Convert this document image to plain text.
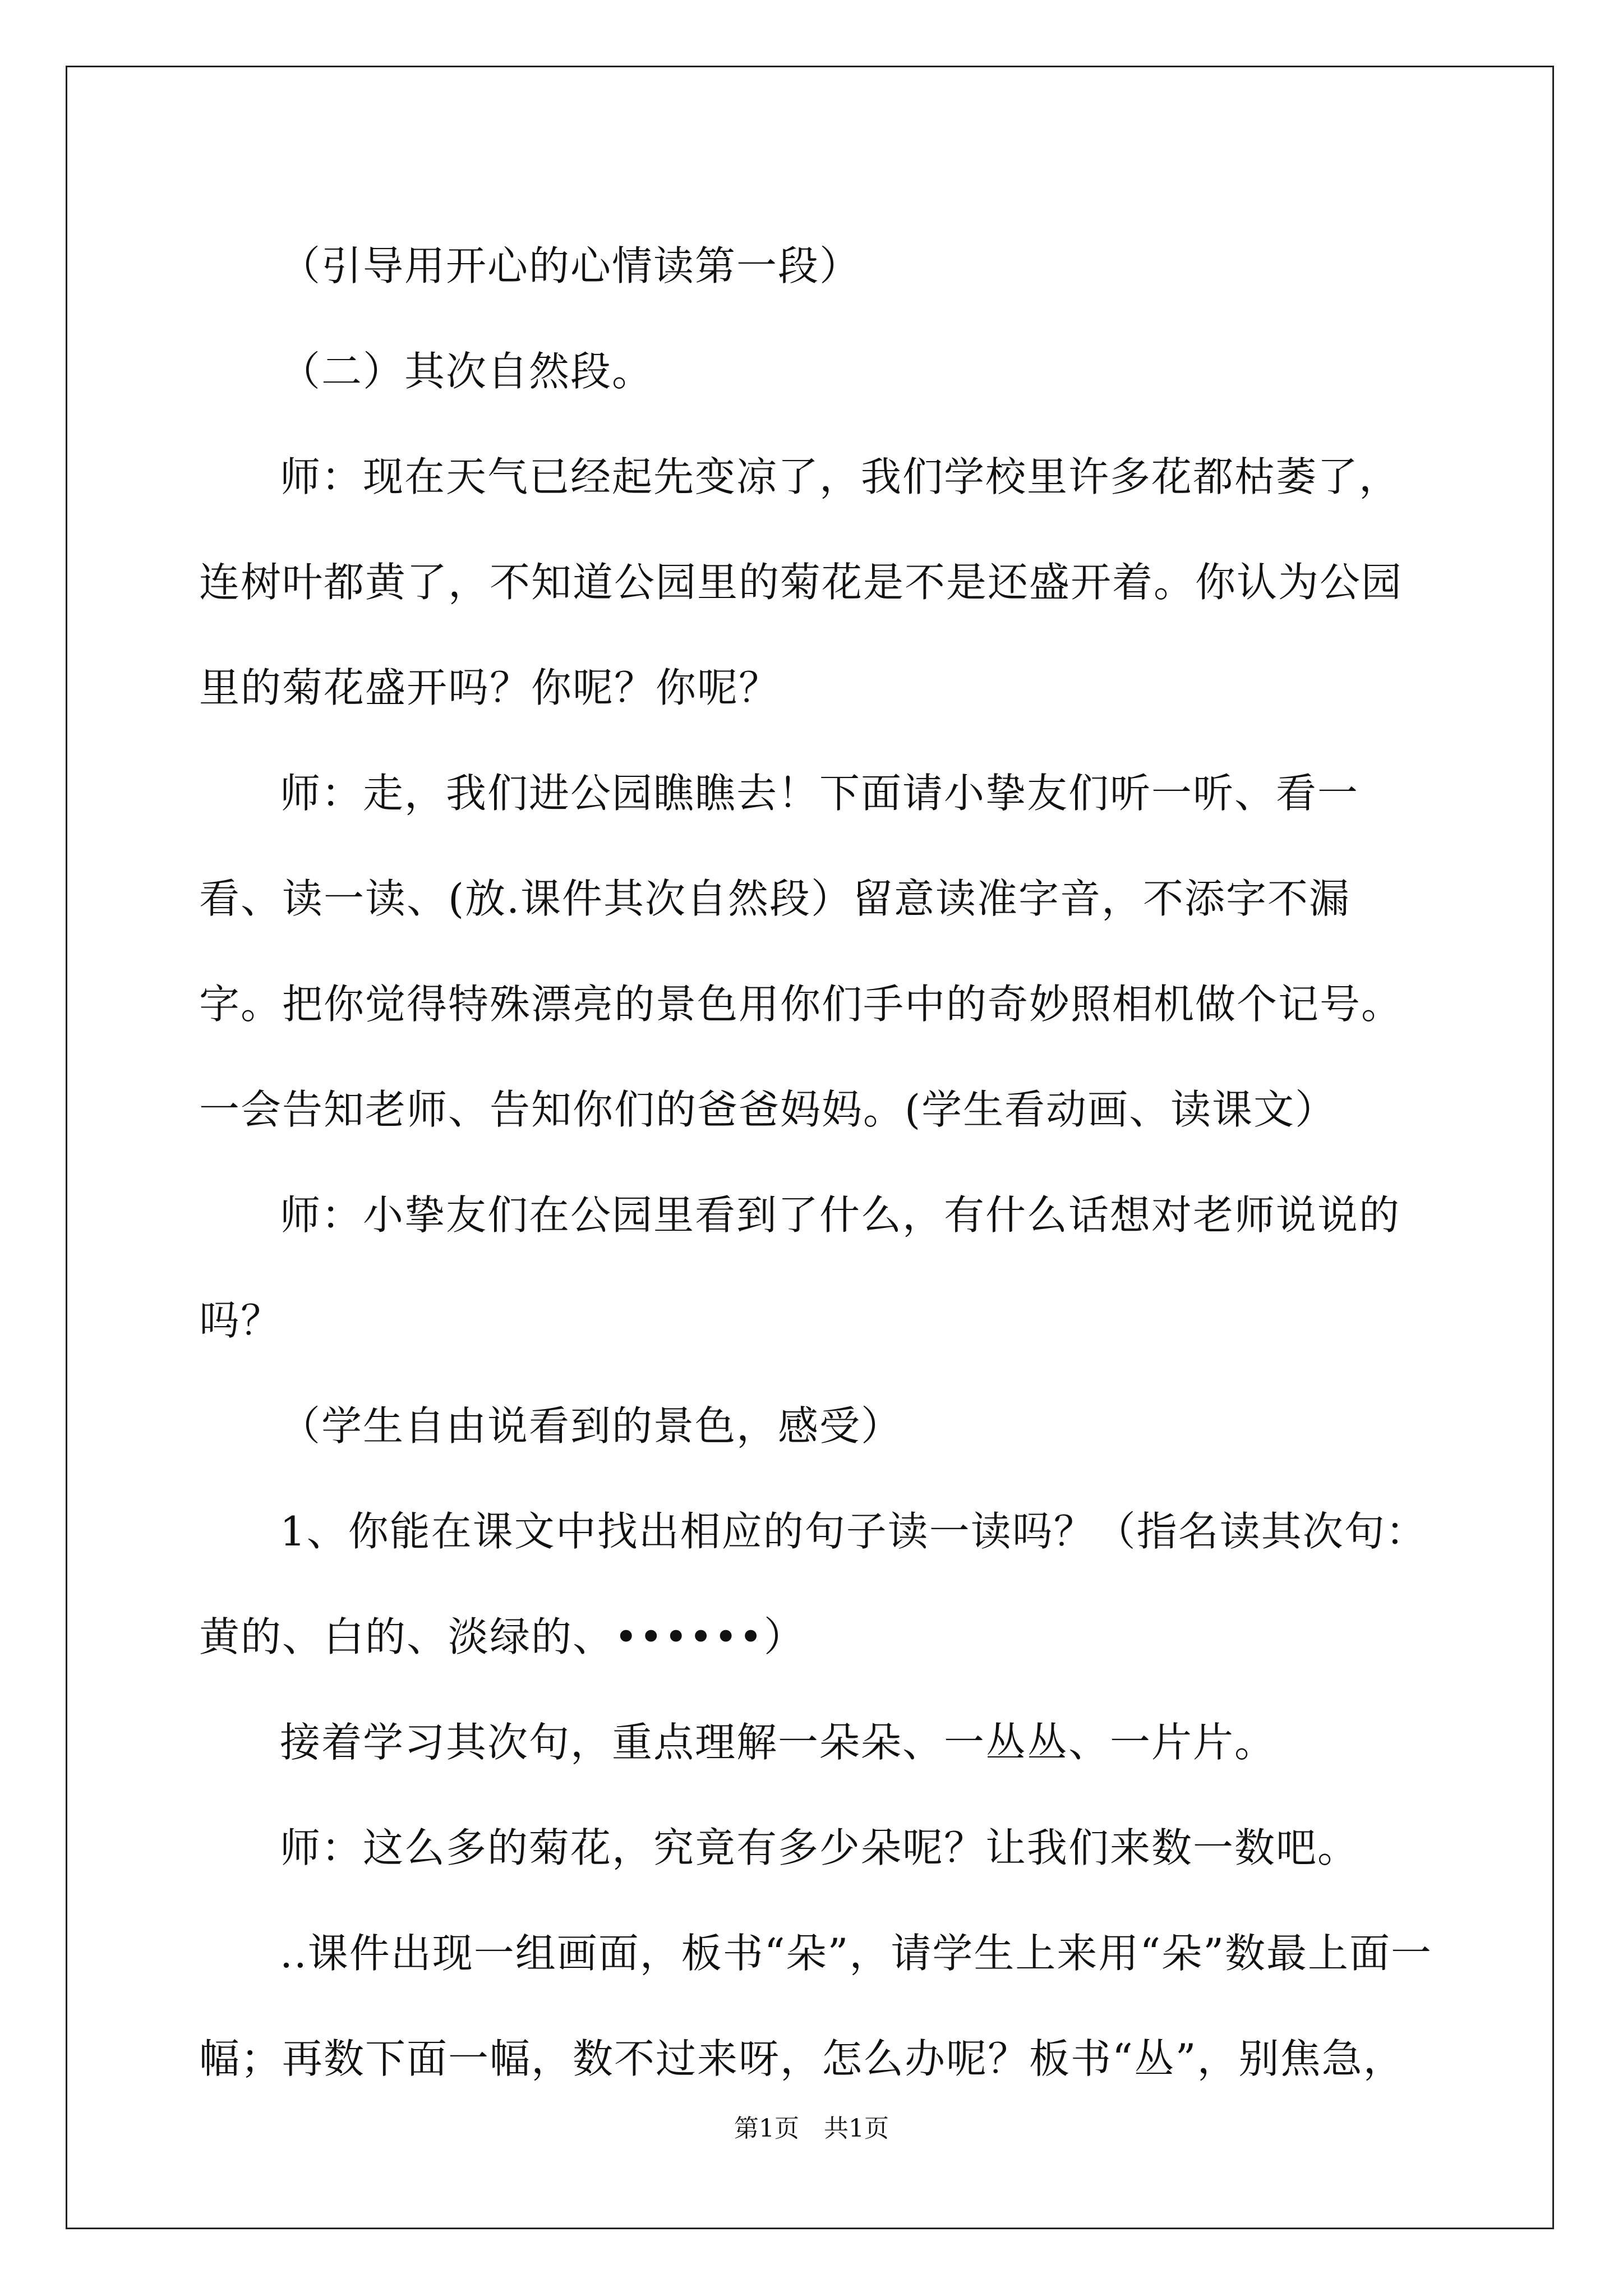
（引导用开心的心情读第一段）

（二）其次自然段。

师：现在天气已经起先变凉了，我们学校里许多花都枯萎了，连树叶都黄了，不知道公园里的菊花是不是还盛开着。你认为公园里的菊花盛开吗？你呢？你呢？

师：走，我们进公园瞧瞧去！下面请小挚友们听一听、看一看、读一读、(放.课件其次自然段）留意读准字音，不添字不漏字。把你觉得特殊漂亮的景色用你们手中的奇妙照相机做个记号。一会告知老师、告知你们的爸爸妈妈。(学生看动画、读课文）

师：小挚友们在公园里看到了什么，有什么话想对老师说说的吗？

（学生自由说看到的景色，感受）

1、你能在课文中找出相应的句子读一读吗？（指名读其次句：黄的、白的、淡绿的、••••••）

接着学习其次句，重点理解一朵朵、一丛丛、一片片。

师：这么多的菊花，究竟有多少朵呢？让我们来数一数吧。

..课件出现一组画面，板书“朵”，请学生上来用“朵”数最上面一幅；再数下面一幅，数不过来呀，怎么办呢？板书“丛”，别焦急，

第1页　共1页
